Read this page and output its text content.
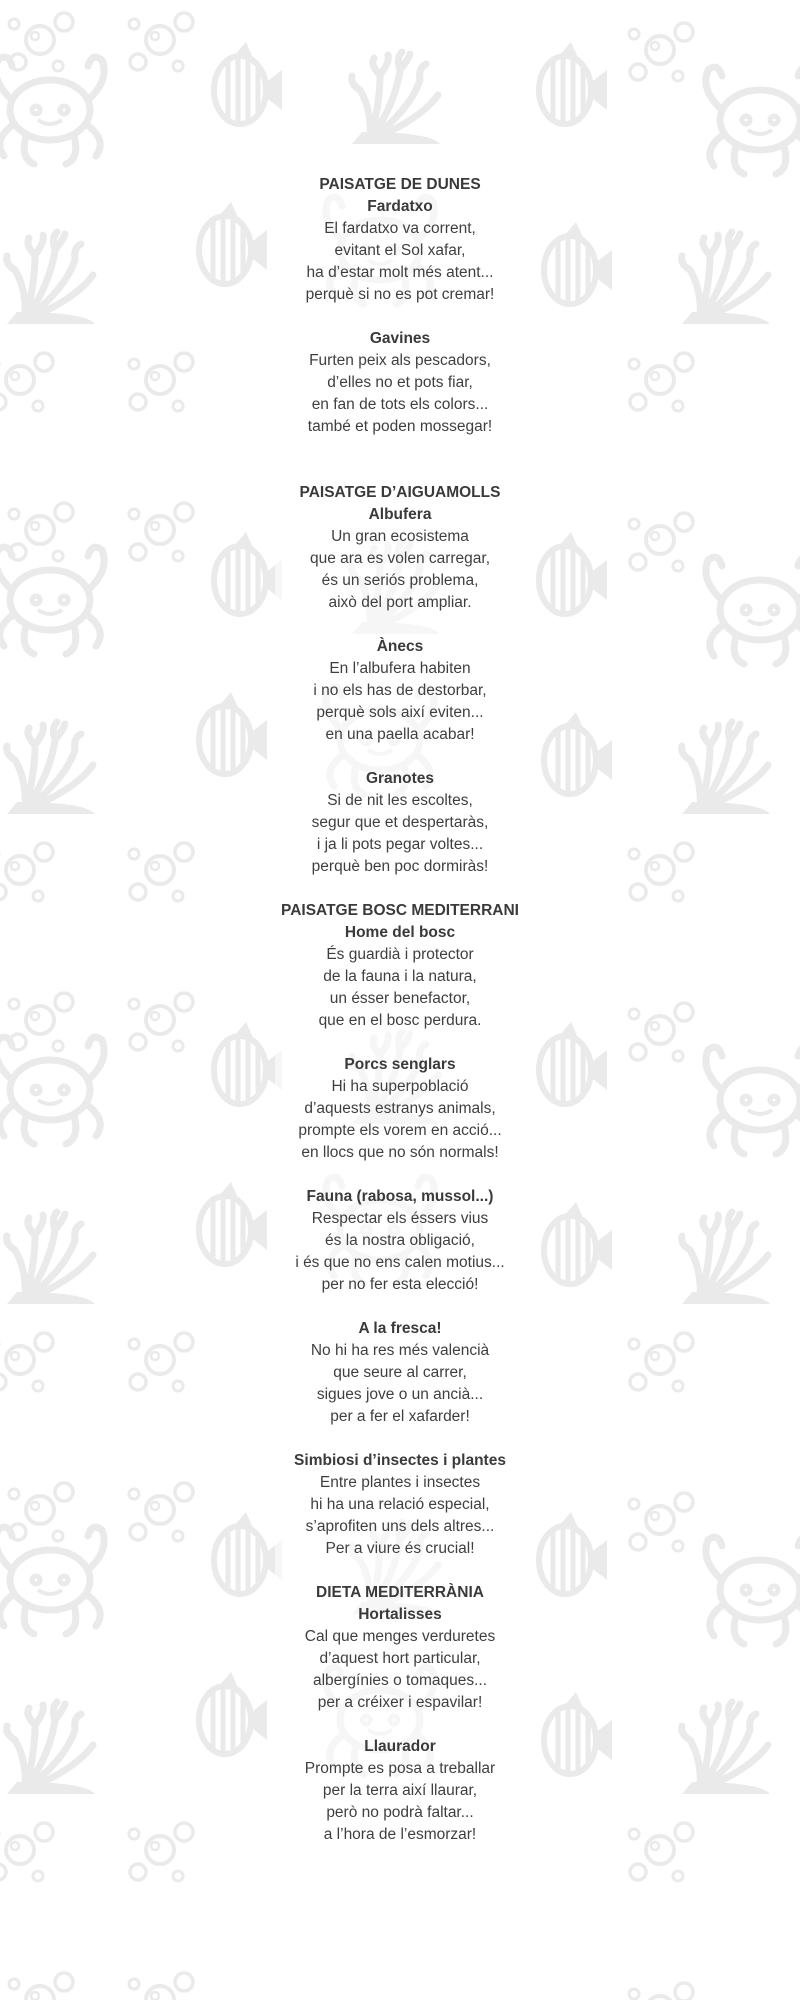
PAISATGE DE DUNES
Fardatxo
El fardatxo va corrent,
evitant el Sol xafar,
ha d’estar molt més atent...
perquè si no es pot cremar!
Gavines
Furten peix als pescadors,
d’elles no et pots fiar,
en fan de tots els colors...
també et poden mossegar!
PAISATGE D’AIGUAMOLLS
Albufera
Un gran ecosistema
que ara es volen carregar,
és un seriós problema,
això del port ampliar.
Ànecs
En l’albufera habiten
i no els has de destorbar,
perquè sols així eviten...
en una paella acabar!
Granotes
Si de nit les escoltes,
segur que et despertaràs,
i ja li pots pegar voltes...
perquè ben poc dormiràs!
PAISATGE BOSC MEDITERRANI
Home del bosc
És guardià i protector
de la fauna i la natura,
un ésser benefactor,
que en el bosc perdura.
Porcs senglars
Hi ha superpoblació
d’aquests estranys animals,
prompte els vorem en acció...
en llocs que no són normals!
Fauna (rabosa, mussol...)
Respectar els éssers vius
és la nostra obligació,
i és que no ens calen motius...
per no fer esta elecció!
A la fresca!
No hi ha res més valencià
que seure al carrer,
sigues jove o un ancià...
per a fer el xafarder!
Simbiosi d’insectes i plantes
Entre plantes i insectes
hi ha una relació especial,
s’aprofiten uns dels altres...
Per a viure és crucial!
DIETA MEDITERRÀNIA
Hortalisses
Cal que menges verduretes
d’aquest hort particular,
albergínies o tomaques...
per a créixer i espavilar!
Llaurador
Prompte es posa a treballar
per la terra així llaurar,
però no podrà faltar...
a l’hora de l’esmorzar!
